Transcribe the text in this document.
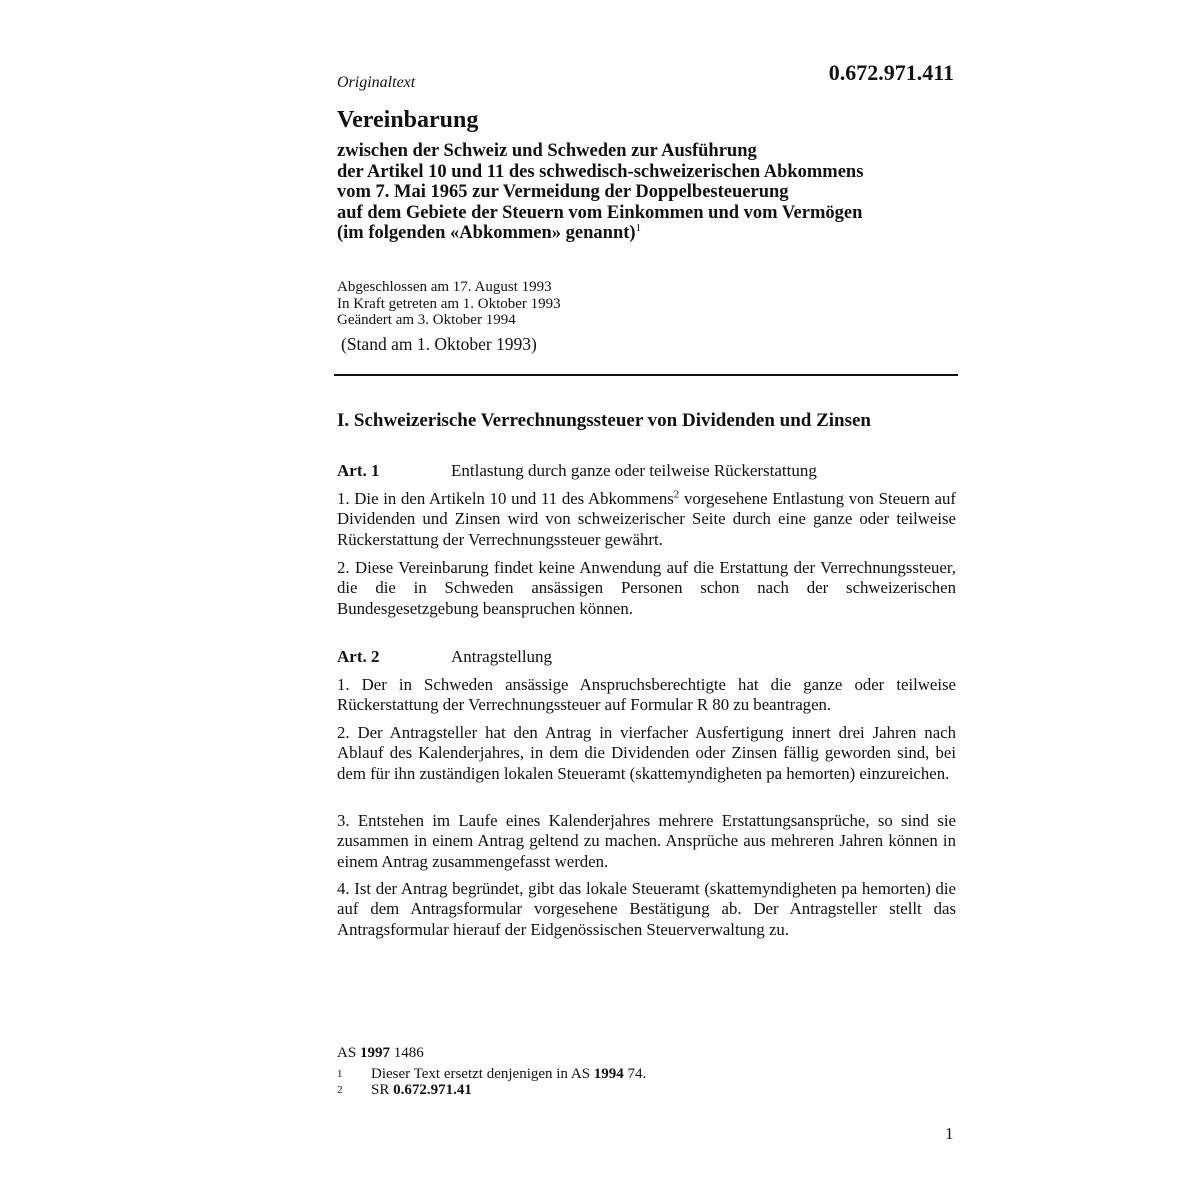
Originaltext	0.672.971.411
Vereinbarung
zwischen der Schweiz und Schweden zur Ausführung
der Artikel 10 und 11 des schwedisch-schweizerischen Abkommens
vom 7. Mai 1965 zur Vermeidung der Doppelbesteuerung
auf dem Gebiete der Steuern vom Einkommen und vom Vermögen
(im folgenden «Abkommen» genannt)$^1$
Abgeschlossen am 17. August 1993
In Kraft getreten am 1. Oktober 1993
Geändert am 3. Oktober 1994
(Stand am 1. Oktober 1993)
I. Schweizerische Verrechnungssteuer von Dividenden und Zinsen
Art. 1	Entlastung durch ganze oder teilweise Rückerstattung
1. Die in den Artikeln 10 und 11 des Abkommens$^2$ vorgesehene Entlastung von Steuern auf Dividenden und Zinsen wird von schweizerischer Seite durch eine ganze oder teilweise Rückerstattung der Verrechnungssteuer gewährt.
2. Diese Vereinbarung findet keine Anwendung auf die Erstattung der Verrechnungssteuer, die die in Schweden ansässigen Personen schon nach der schweizerischen Bundesgesetzgebung beanspruchen können.
Art. 2	Antragstellung
1. Der in Schweden ansässige Anspruchsberechtigte hat die ganze oder teilweise Rückerstattung der Verrechnungssteuer auf Formular R 80 zu beantragen.
2. Der Antragsteller hat den Antrag in vierfacher Ausfertigung innert drei Jahren nach Ablauf des Kalenderjahres, in dem die Dividenden oder Zinsen fällig geworden sind, bei dem für ihn zuständigen lokalen Steueramt (skattemyndigheten pa hemorten) einzureichen.
3. Entstehen im Laufe eines Kalenderjahres mehrere Erstattungsansprüche, so sind sie zusammen in einem Antrag geltend zu machen. Ansprüche aus mehreren Jahren können in einem Antrag zusammengefasst werden.
4. Ist der Antrag begründet, gibt das lokale Steueramt (skattemyndigheten pa hemorten) die auf dem Antragsformular vorgesehene Bestätigung ab. Der Antragsteller stellt das Antragsformular hierauf der Eidgenössischen Steuerverwaltung zu.
AS 1997 1486
1 Dieser Text ersetzt denjenigen in AS 1994 74.
2 SR 0.672.971.41
1
